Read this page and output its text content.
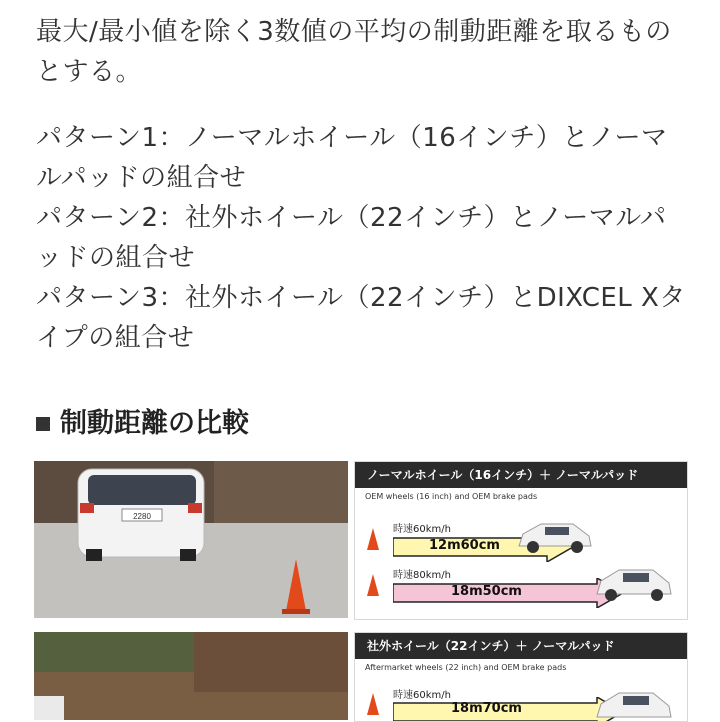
最大/最小値を除く3数値の平均の制動距離を取るものとする。

パターン1：ノーマルホイール（16インチ）とノーマルパッドの組合せ

パターン2：社外ホイール（22インチ）とノーマルパッドの組合せ

パターン3：社外ホイール（22インチ）とDIXCEL Xタイプの組合せ

制動距離の比較
2280
ノーマルホイール（16インチ）＋ ノーマルパッド
OEM wheels (16 inch) and OEM brake pads
時速60km/h
12m60cm
時速80km/h
18m50cm
社外ホイール（22インチ）＋ ノーマルパッド
Aftermarket wheels (22 inch) and OEM brake pads
時速60km/h
18m70cm
